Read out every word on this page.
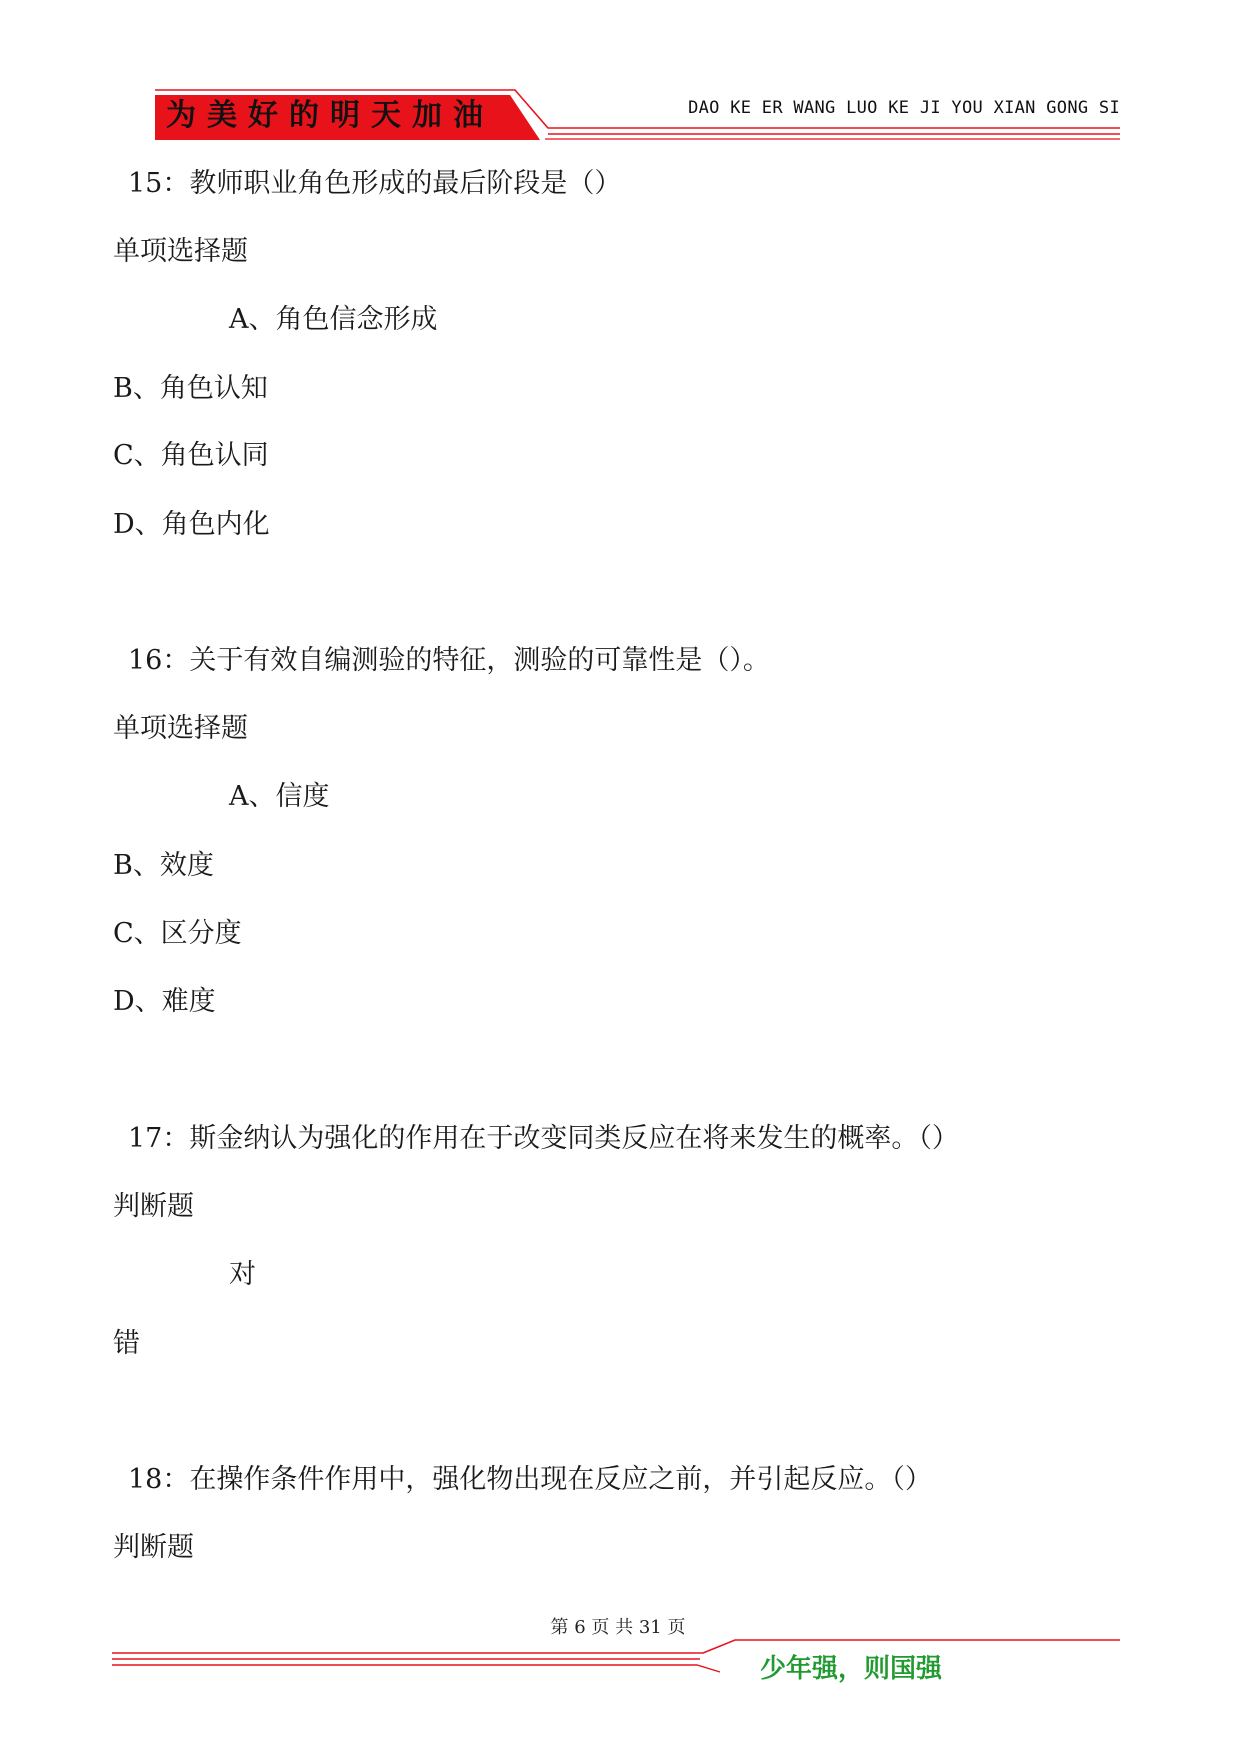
为美好的明天加油	DAO KE ER WANG LUO KE JI YOU XIAN GONG SI
15：教师职业角色形成的最后阶段是（）
单项选择题
A、角色信念形成
B、角色认知
C、角色认同
D、角色内化
16：关于有效自编测验的特征，测验的可靠性是（）。
单项选择题
A、信度
B、效度
C、区分度
D、难度
17：斯金纳认为强化的作用在于改变同类反应在将来发生的概率。（）
判断题
对
错
18：在操作条件作用中，强化物出现在反应之前，并引起反应。（）
判断题
第 6 页 共 31 页
少年强，则国强
